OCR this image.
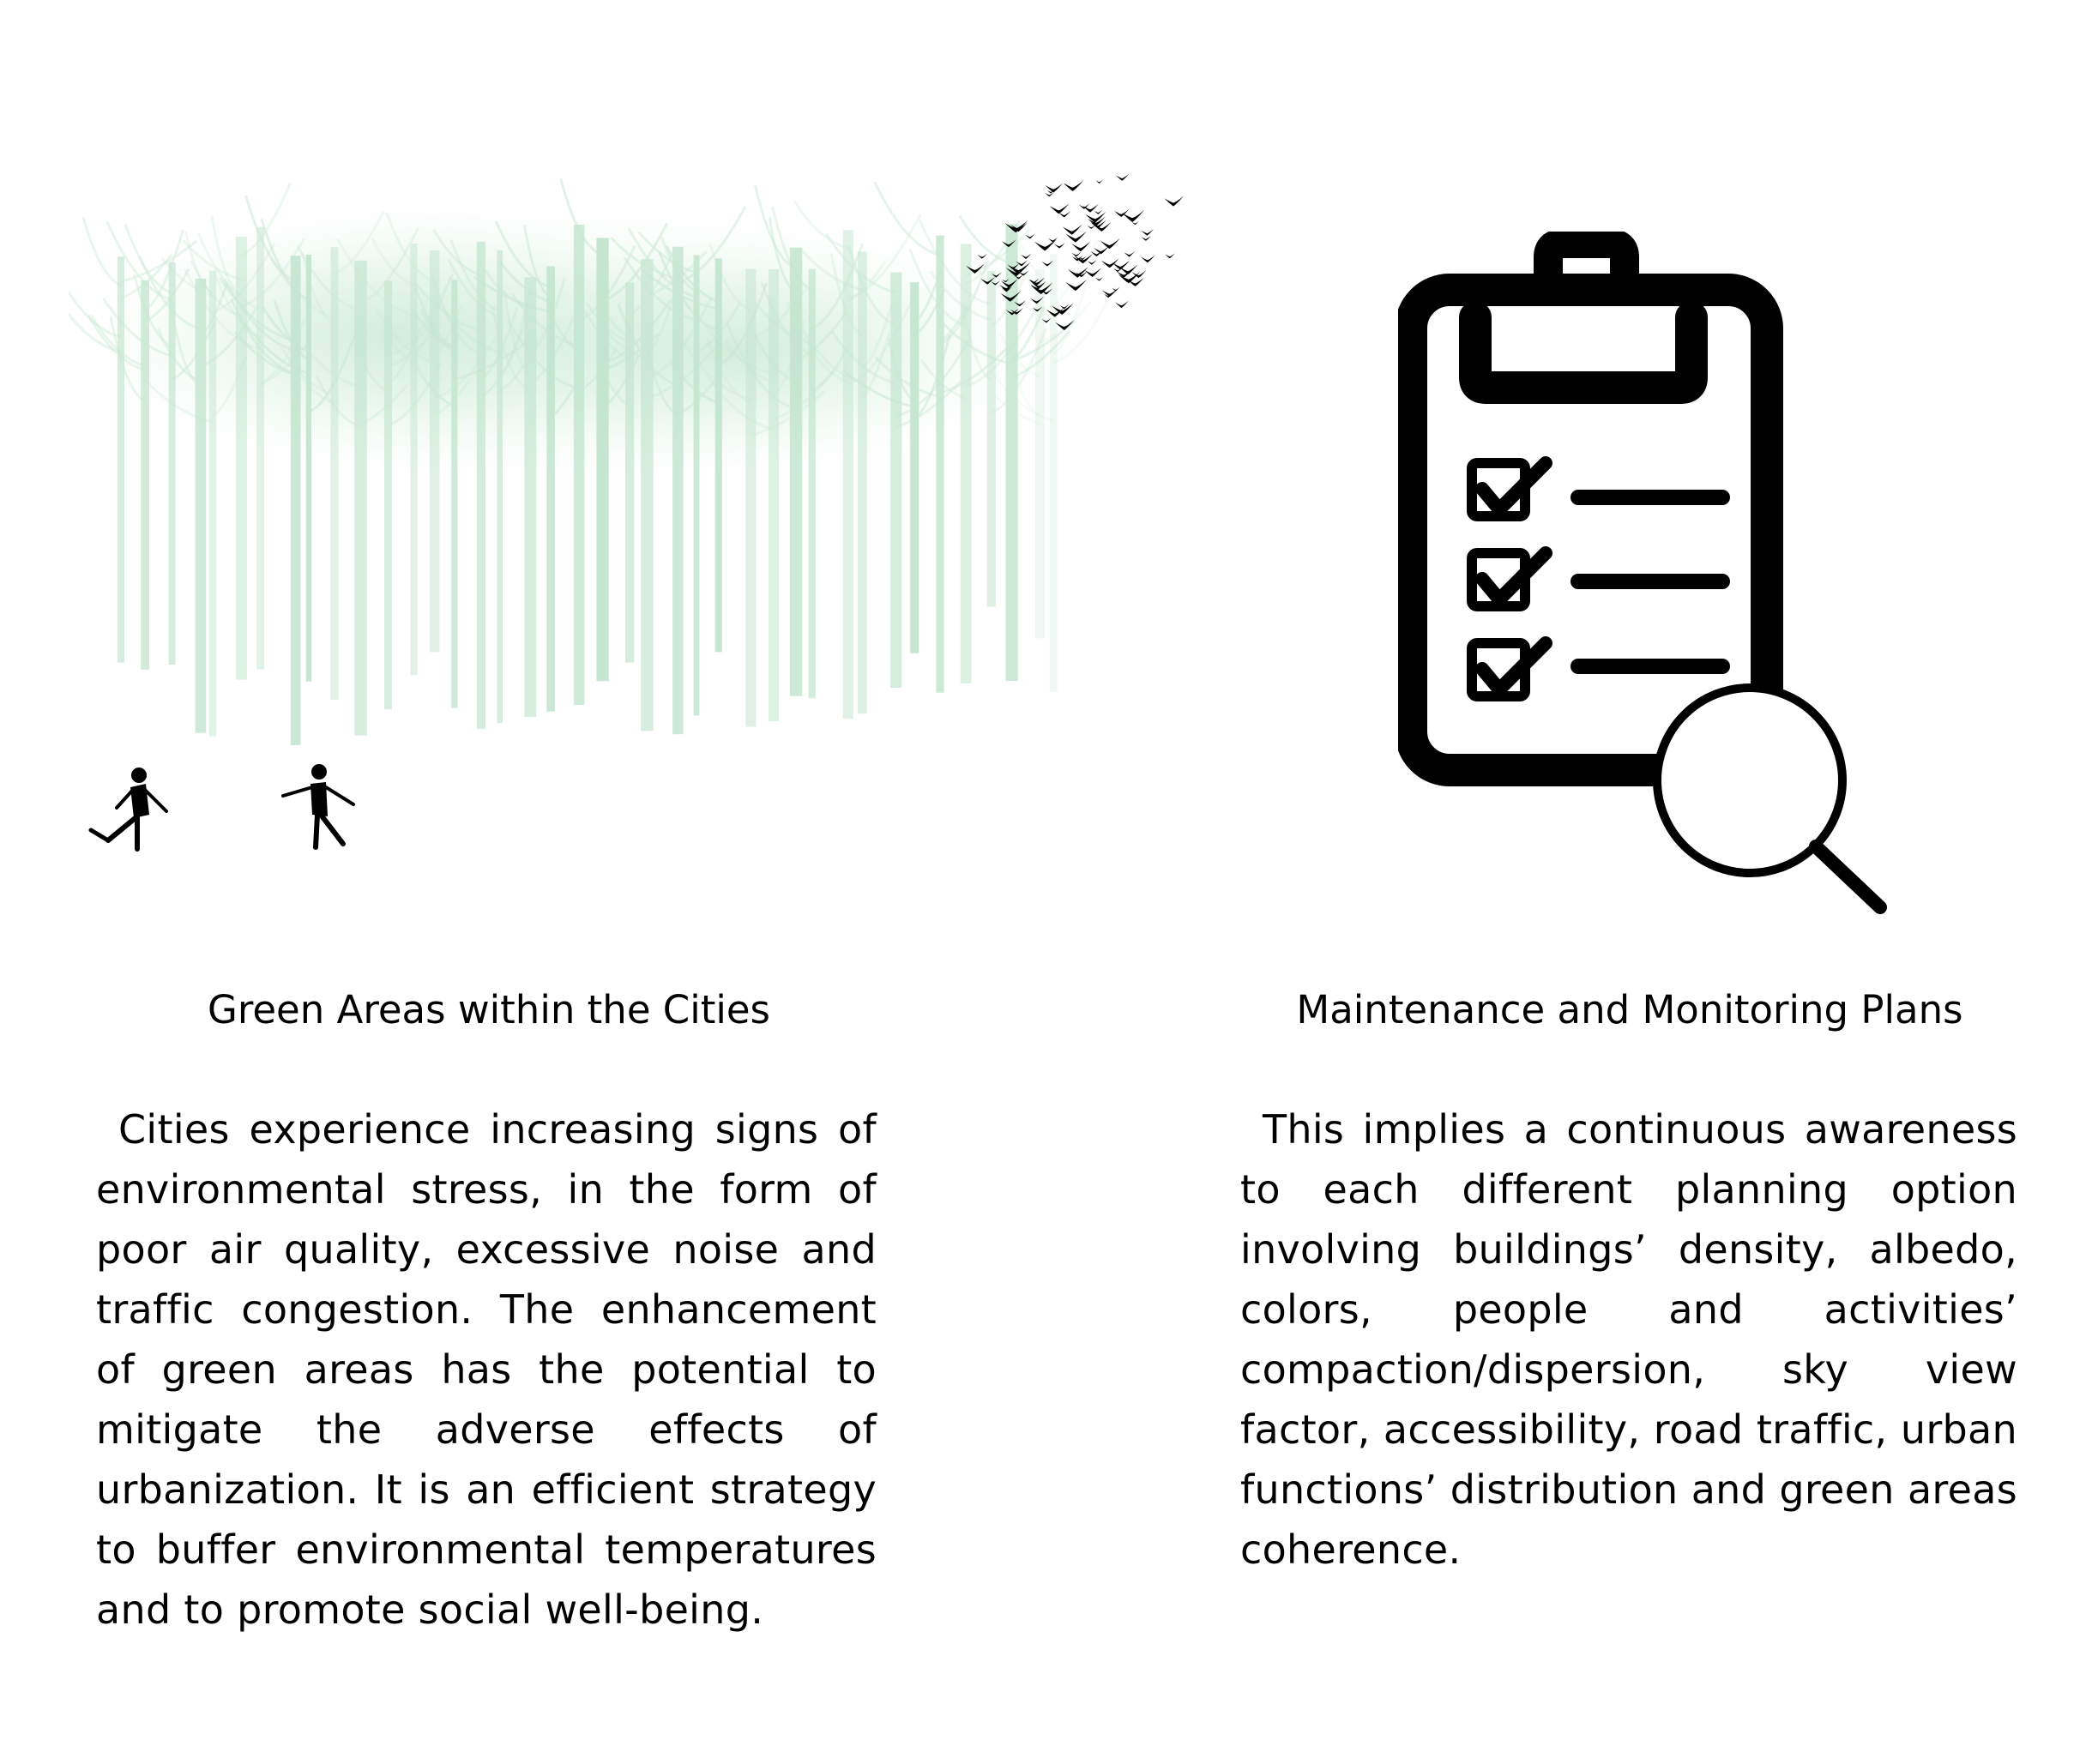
Green Areas within the Cities
Cities experience increasing signs of environmental stress, in the form of poor air quality, excessive noise and traffic congestion. The enhancement of green areas has the potential to mitigate the adverse effects of urbanization. It is an efficient strategy to buffer environmental temperatures and to promote social well-being.
Maintenance and Monitoring Plans
This implies a continuous awareness to each different planning option involving buildings’ density, albedo, colors, people and activities’ compaction/dispersion, sky view factor, accessibility, road traffic, urban functions’ distribution and green areas coherence.
